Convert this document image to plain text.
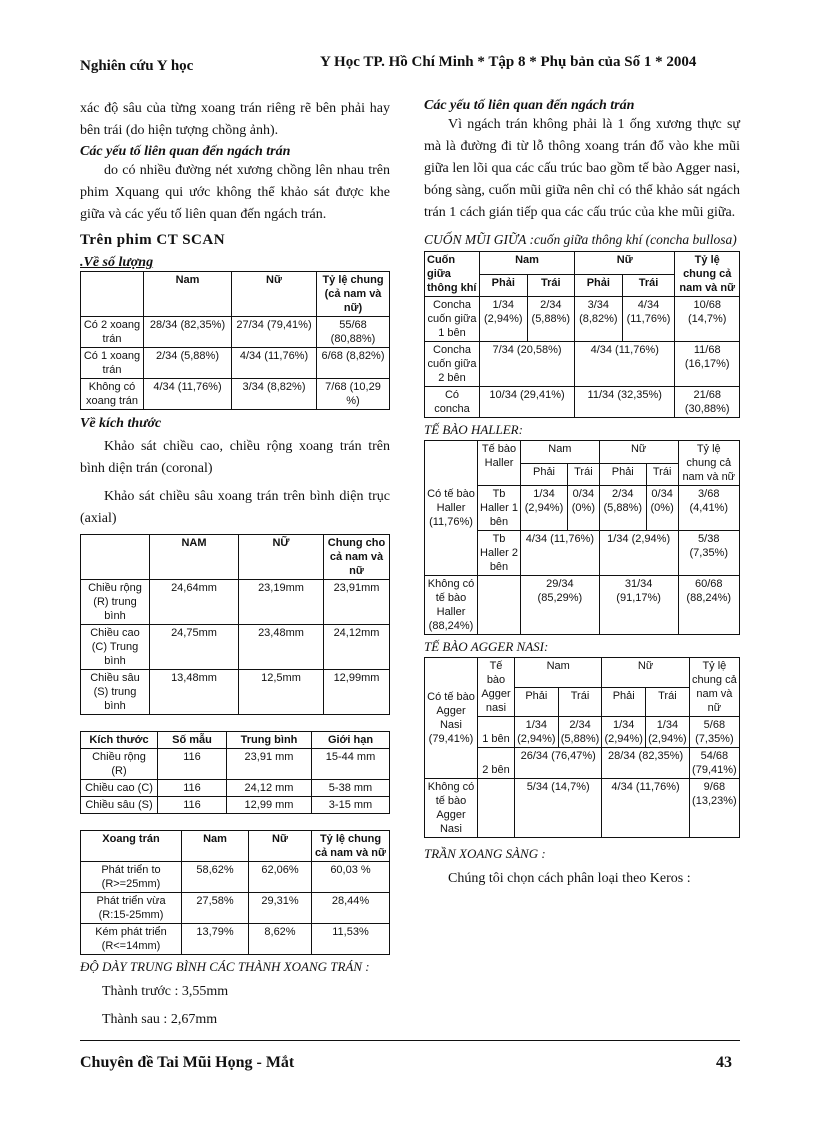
Nghiên cứu Y học	Y Học TP. Hồ Chí Minh * Tập 8 * Phụ bản của Số 1 * 2004

xác độ sâu của từng xoang trán riêng rẽ bên phải hay bên trái (do hiện tượng chồng ảnh).

Các yếu tố liên quan đến ngách trán

do có nhiều đường nét xương chồng lên nhau trên phim Xquang qui ước không thể khảo sát được khe giữa và các yếu tố liên quan đến ngách trán.

Trên phim CT SCAN
.Về số lượng
	Nam	Nữ	Tỷ lệ chung (cả nam và nữ)
Có 2 xoang trán	28/34 (82,35%)	27/34 (79,41%)	55/68 (80,88%)
Có 1 xoang trán	2/34 (5,88%)	4/34 (11,76%)	6/68 (8,82%)
Không có xoang trán	4/34 (11,76%)	3/34 (8,82%)	7/68 (10,29 %)
Về kích thước

Khảo sát chiều cao, chiều rộng xoang trán trên bình diện trán (coronal)

Khảo sát chiều sâu xoang trán trên bình diện trục (axial)

	NAM	NỮ	Chung cho cả nam và nữ
Chiều rộng (R) trung bình	24,64mm	23,19mm	23,91mm
Chiều cao (C) Trung bình	24,75mm	23,48mm	24,12mm
Chiều sâu (S) trung bình	13,48mm	12,5mm	12,99mm
Kích thước	Số mẫu	Trung bình	Giới hạn
Chiều rộng (R)	116	23,91 mm	15-44 mm
Chiều cao (C)	116	24,12 mm	5-38 mm
Chiều sâu (S)	116	12,99 mm	3-15 mm
Xoang trán	Nam	Nữ	Tỷ lệ chung cả nam và nữ
Phát triển to (R>=25mm)	58,62%	62,06%	60,03 %
Phát triển vừa (R:15-25mm)	27,58%	29,31%	28,44%
Kém phát triển (R<=14mm)	13,79%	8,62%	11,53%
ĐỘ DÀY TRUNG BÌNH CÁC THÀNH XOANG TRÁN :
Thành trước : 3,55mm
Thành sau : 2,67mm
Các yếu tố liên quan đến ngách trán

Vì ngách trán không phải là 1 ống xương thực sự mà là đường đi từ lỗ thông xoang trán đổ vào khe mũi giữa len lõi qua các cấu trúc bao gồm tế bào Agger nasi, bóng sàng, cuốn mũi giữa nên chỉ có thể khảo sát ngách trán 1 cách gián tiếp qua các cấu trúc của khe mũi giữa.

CUỐN MŨI GIỮA :cuốn giữa thông khí (concha bullosa)
Cuốn giữa thông khí	Nam		Nữ		Tỷ lệ chung cả nam và nữ
	Phải	Trái	Phải	Trái	
Concha cuốn giữa 1 bên	1/34 (2,94%)	2/34 (5,88%)	3/34 (8,82%)	4/34 (11,76%)	10/68 (14,7%)
Concha cuốn giữa 2 bên	7/34 (20,58%)		4/34 (11,76%)		11/68 (16,17%)
Có concha	10/34 (29,41%)		11/34 (32,35%)		21/68 (30,88%)
TẾ BÀO HALLER:
	Tế bào Haller	Nam		Nữ		Tỷ lệ chung cả nam và nữ
		Phải	Trái	Phải	Trái	
Có tế bào Haller (11,76%)	Tb Haller 1 bên	1/34 (2,94%)	0/34 (0%)	2/34 (5,88%)	0/34 (0%)	3/68 (4,41%)
	Tb Haller 2 bên	4/34 (11,76%)		1/34 (2,94%)		5/38 (7,35%)
Không có tế bào Haller (88,24%)		29/34 (85,29%)		31/34 (91,17%)		60/68 (88,24%)
TẾ BÀO AGGER NASI:
Có tế bào Agger Nasi (79,41%)	Tế bào Agger nasi	Nam		Nữ		Tỷ lệ chung cả nam và nữ
		Phải	Trái	Phải	Trái	
	1 bên	1/34 (2,94%)	2/34 (5,88%)	1/34 (2,94%)	1/34 (2,94%)	5/68 (7,35%)
	2 bên	26/34 (76,47%)		28/34 (82,35%)		54/68 (79,41%)
Không có tế bào Agger Nasi		5/34 (14,7%)		4/34 (11,76%)		9/68 (13,23%)
TRẦN XOANG SÀNG :

Chúng tôi chọn cách phân loại theo Keros :

Chuyên đề Tai Mũi Họng - Mắt	43
